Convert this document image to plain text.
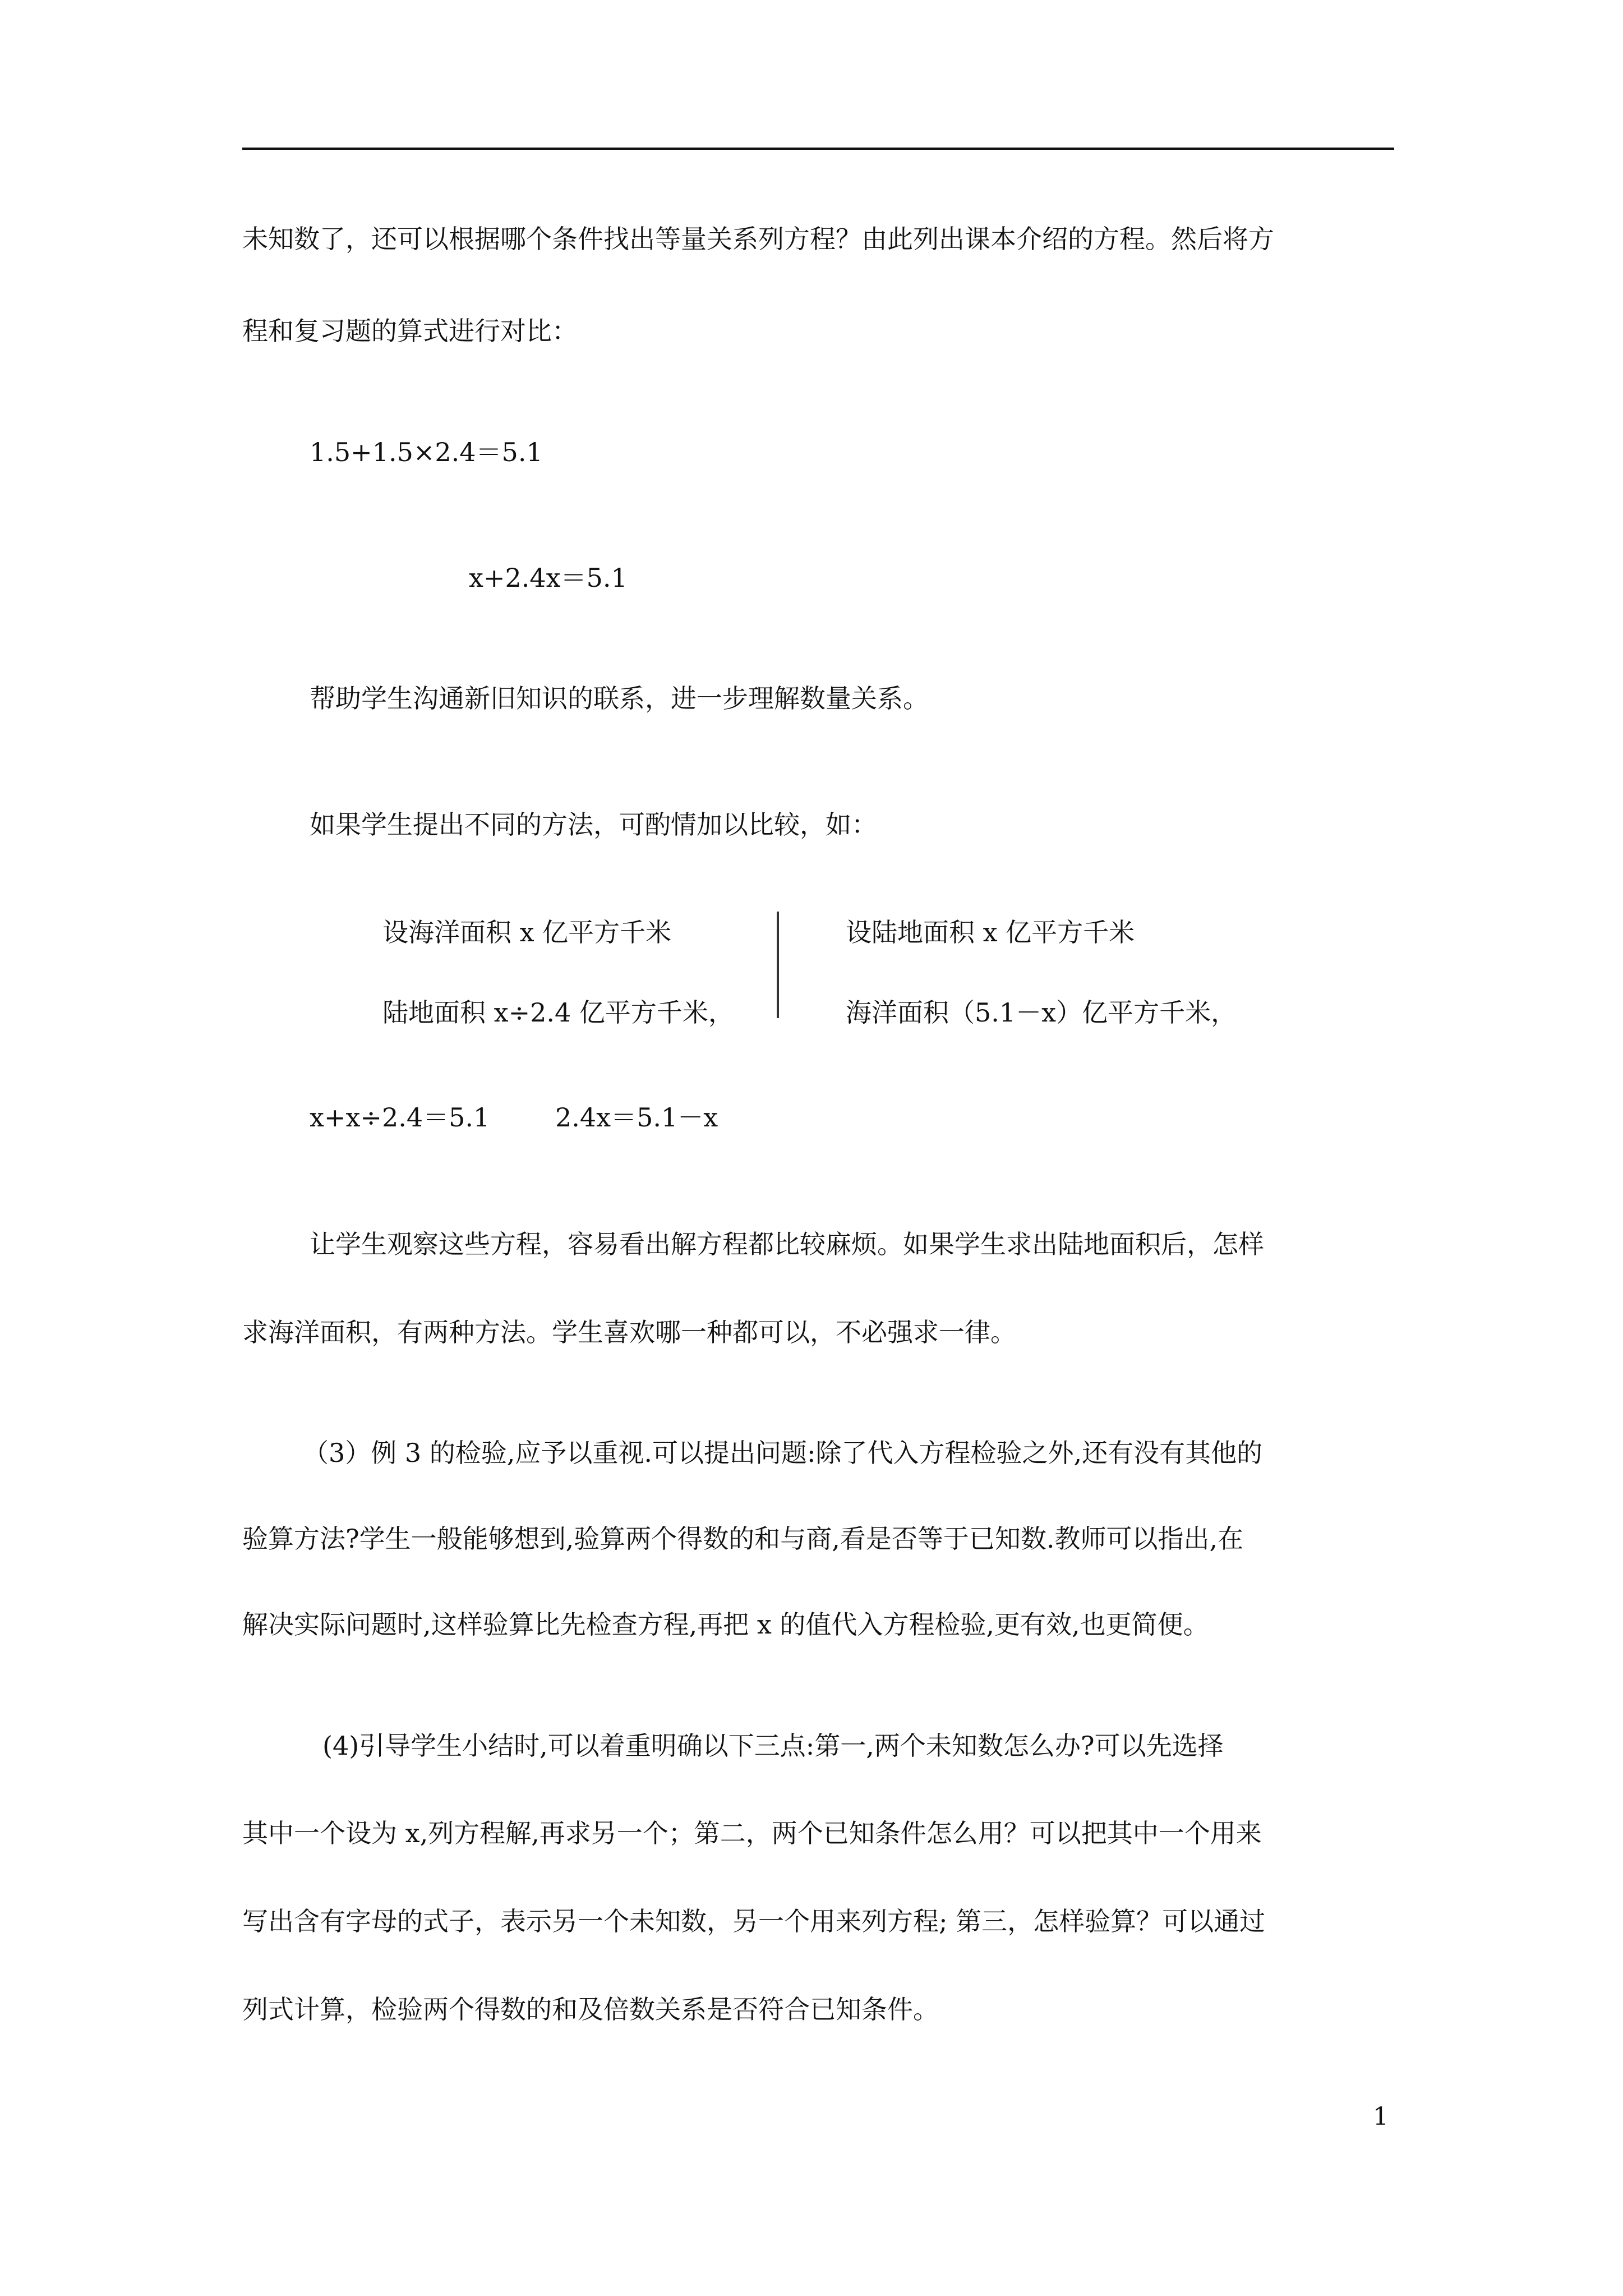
未知数了，还可以根据哪个条件找出等量关系列方程？由此列出课本介绍的方程。然后将方
程和复习题的算式进行对比：
1.5+1.5×2.4＝5.1
x+2.4x＝5.1
帮助学生沟通新旧知识的联系，进一步理解数量关系。
如果学生提出不同的方法，可酌情加以比较，如：
设海洋面积 x 亿平方千米
陆地面积 x÷2.4 亿平方千米，
设陆地面积 x 亿平方千米
海洋面积（5.1－x）亿平方千米，
x+x÷2.4＝5.1	2.4x＝5.1－x
让学生观察这些方程，容易看出解方程都比较麻烦。如果学生求出陆地面积后，怎样
求海洋面积，有两种方法。学生喜欢哪一种都可以，不必强求一律。
（3）例 3 的检验,应予以重视.可以提出问题:除了代入方程检验之外,还有没有其他的
验算方法?学生一般能够想到,验算两个得数的和与商,看是否等于已知数.教师可以指出,在
解决实际问题时,这样验算比先检查方程,再把 x 的值代入方程检验,更有效,也更简便。
(4)引导学生小结时,可以着重明确以下三点:第一,两个未知数怎么办?可以先选择
其中一个设为 x,列方程解,再求另一个；第二，两个已知条件怎么用？可以把其中一个用来
写出含有字母的式子，表示另一个未知数，另一个用来列方程; 第三，怎样验算？可以通过
列式计算，检验两个得数的和及倍数关系是否符合已知条件。
1
